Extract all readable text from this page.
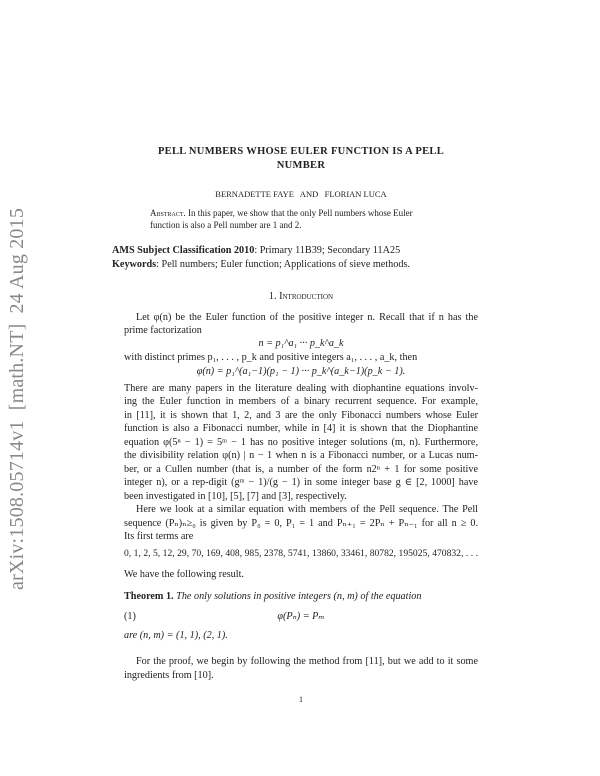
arXiv:1508.05714v1[math.NT]24 Aug 2015
PELL NUMBERS WHOSE EULER FUNCTION IS A PELL
NUMBER
BERNADETTE FAYE   AND   FLORIAN LUCA
Abstract. In this paper, we show that the only Pell numbers whose Euler
function is also a Pell number are 1 and 2.
AMS Subject Classification 2010: Primary 11B39; Secondary 11A25
Keywords: Pell numbers; Euler function; Applications of sieve methods.
1. Introduction
Let φ(n) be the Euler function of the positive integer n. Recall that if n has the
prime factorization
n = p₁^a₁ ··· p_k^a_k
with distinct primes p₁, . . . , p_k and positive integers a₁, . . . , a_k, then
φ(n) = p₁^(a₁−1)(p₁ − 1) ··· p_k^(a_k−1)(p_k − 1).
There are many papers in the literature dealing with diophantine equations involv-
ing the Euler function in members of a binary recurrent sequence. For example,
in [11], it is shown that 1, 2, and 3 are the only Fibonacci numbers whose Euler
function is also a Fibonacci number, while in [4] it is shown that the Diophantine
equation φ(5ⁿ − 1) = 5ᵐ − 1 has no positive integer solutions (m, n). Furthermore,
the divisibility relation φ(n) | n − 1 when n is a Fibonacci number, or a Lucas num-
ber, or a Cullen number (that is, a number of the form n2ⁿ + 1 for some positive
integer n), or a rep-digit (gᵐ − 1)/(g − 1) in some integer base g ∈ [2, 1000] have
been investigated in [10], [5], [7] and [3], respectively.
Here we look at a similar equation with members of the Pell sequence. The Pell
sequence (Pₙ)ₙ≥₀ is given by P₀ = 0, P₁ = 1 and Pₙ₊₁ = 2Pₙ + Pₙ₋₁ for all n ≥ 0.
Its first terms are
0, 1, 2, 5, 12, 29, 70, 169, 408, 985, 2378, 5741, 13860, 33461, 80782, 195025, 470832, . . .
We have the following result.
Theorem 1. The only solutions in positive integers (n, m) of the equation
(1)	φ(Pₙ) = Pₘ
are (n, m) = (1, 1), (2, 1).
For the proof, we begin by following the method from [11], but we add to it some
ingredients from [10].
1
